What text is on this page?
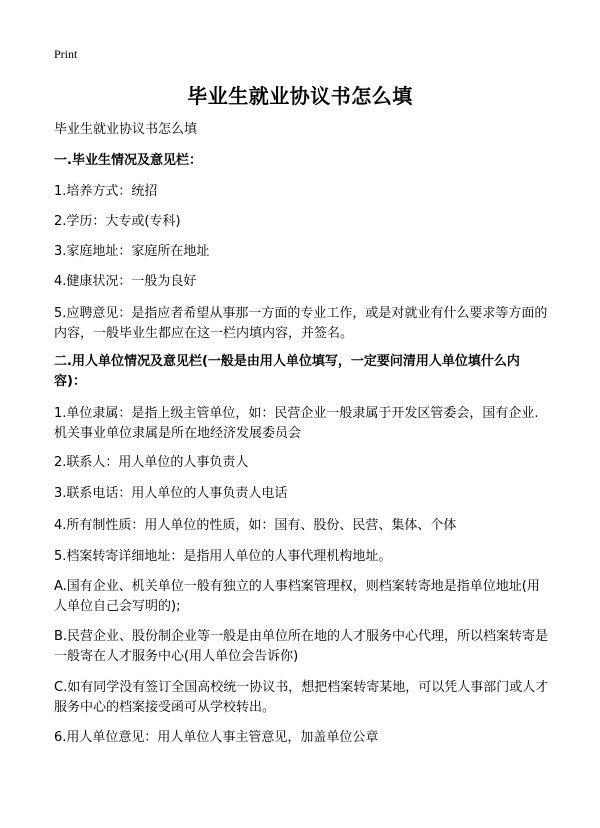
Print
毕业生就业协议书怎么填
毕业生就业协议书怎么填
一.毕业生情况及意见栏：
1.培养方式：统招
2.学历：大专或(专科)
3.家庭地址：家庭所在地址
4.健康状况：一般为良好
5.应聘意见：是指应者希望从事那一方面的专业工作，或是对就业有什么要求等方面的内容，一般毕业生都应在这一栏内填内容，并签名。
二.用人单位情况及意见栏(一般是由用人单位填写，一定要问清用人单位填什么内容)：
1.单位隶属：是指上级主管单位，如：民营企业一般隶属于开发区管委会，国有企业.机关事业单位隶属是所在地经济发展委员会
2.联系人：用人单位的人事负责人
3.联系电话：用人单位的人事负责人电话
4.所有制性质：用人单位的性质，如：国有、股份、民营、集体、个体
5.档案转寄详细地址：是指用人单位的人事代理机构地址。
A.国有企业、机关单位一般有独立的人事档案管理权，则档案转寄地是指单位地址(用人单位自己会写明的);
B.民营企业、股份制企业等一般是由单位所在地的人才服务中心代理，所以档案转寄是一般寄在人才服务中心(用人单位会告诉你)
C.如有同学没有签订全国高校统一协议书，想把档案转寄某地，可以凭人事部门或人才服务中心的档案接受函可从学校转出。
6.用人单位意见：用人单位人事主管意见，加盖单位公章
